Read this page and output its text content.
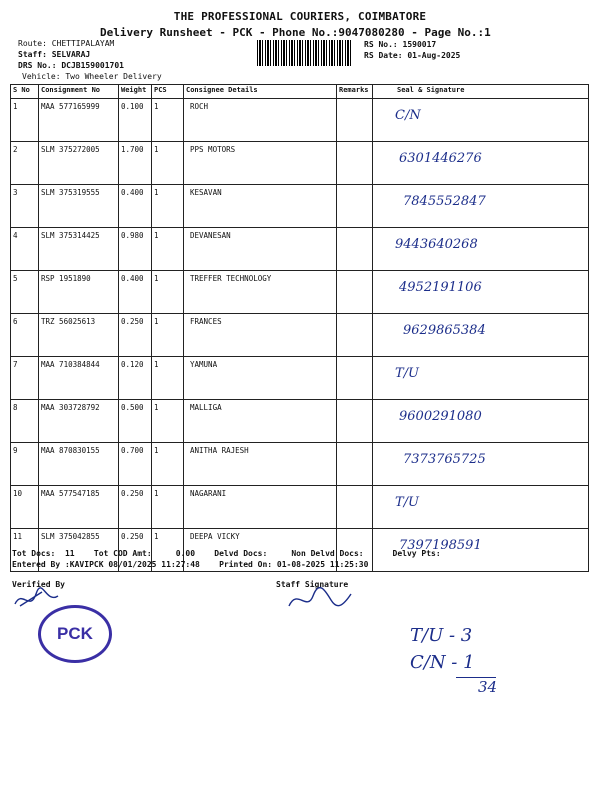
THE PROFESSIONAL COURIERS, COIMBATORE
Delivery Runsheet - PCK - Phone No.:9047080280 - Page No.:1
Route: CHETTIPALAYAM
Staff: SELVARAJ
DRS No.: DCJB159001701
Vehicle: Two Wheeler Delivery
RS No.: 1590017
RS Date: 01-Aug-2025
S No	Consignment No	Weight	PCS	Consignee Details	Remarks	Seal & Signature
1	MAA 577165999	0.100	1	ROCH		C/N
2	SLM 375272005	1.700	1	PPS MOTORS		6301446276
3	SLM 375319555	0.400	1	KESAVAN		7845552847
4	SLM 375314425	0.980	1	DEVANESAN		9443640268
5	RSP 1951890	0.400	1	TREFFER TECHNOLOGY		4952191106
6	TRZ 56025613	0.250	1	FRANCES		9629865384
7	MAA 710384844	0.120	1	YAMUNA		T/U
8	MAA 303728792	0.500	1	MALLIGA		9600291080
9	MAA 870830155	0.700	1	ANITHA RAJESH		7373765725
10	MAA 577547185	0.250	1	NAGARANI		T/U
11	SLM 375042855	0.250	1	DEEPA VICKY		7397198591
Tot Docs:  11    Tot COD Amt:     0.00    Delvd Docs:     Non Delvd Docs:      Delvy Pts:
Entered By :KAVIPCK 08/01/2025 11:27:48    Printed On: 01-08-2025 11:25:30
Verified By	Staff Signature
PCK	T/U - 3
C/N - 1
34
